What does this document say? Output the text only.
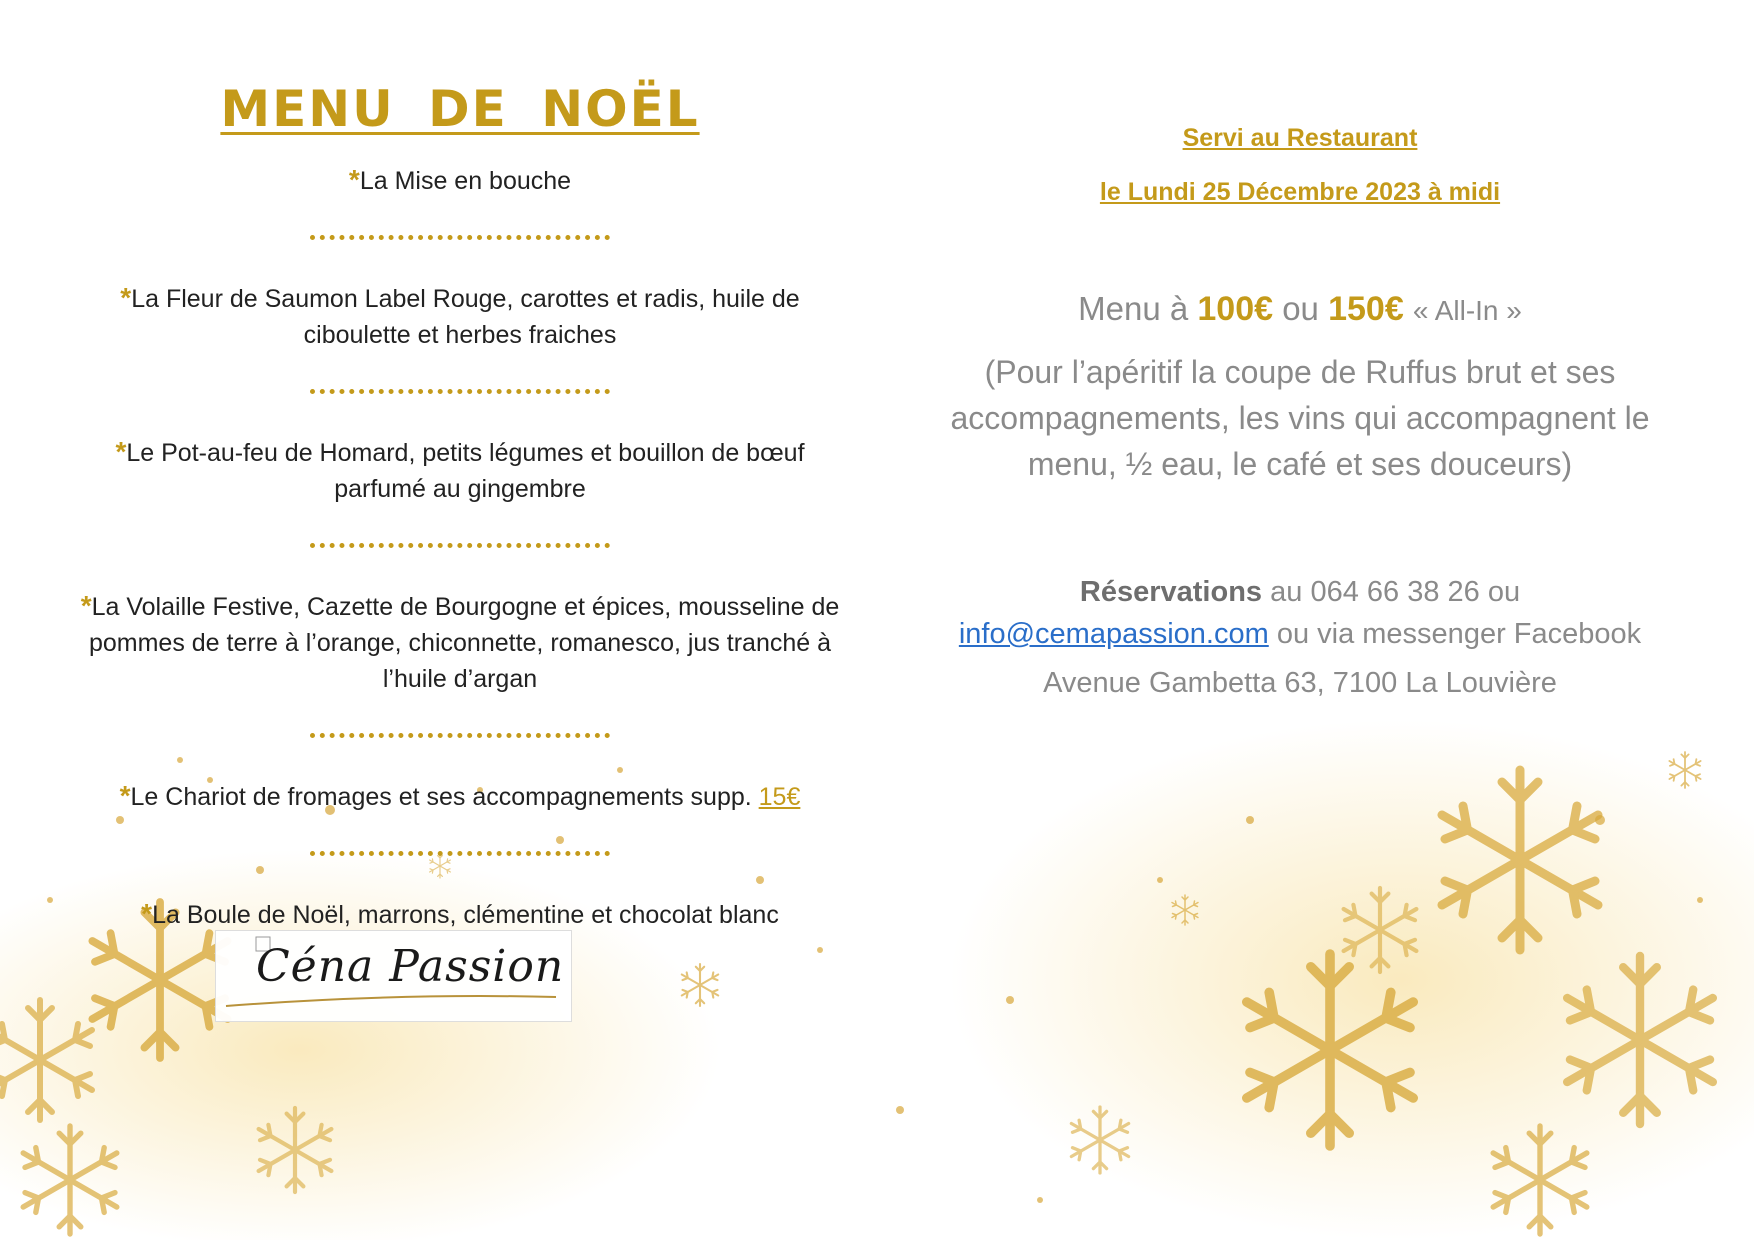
MENU DE NOËL
*La Mise en bouche
*La Fleur de Saumon Label Rouge, carottes et radis, huile de ciboulette et herbes fraiches
*Le Pot-au-feu de Homard, petits légumes et bouillon de bœuf parfumé au gingembre
*La Volaille Festive, Cazette de Bourgogne et épices, mousseline de pommes de terre à l’orange, chiconnette, romanesco, jus tranché à l’huile d’argan
*Le Chariot de fromages et ses accompagnements supp. 15€
*La Boule de Noël, marrons, clémentine et chocolat blanc
Céna Passion
Servi au Restaurant
le Lundi 25 Décembre 2023 à midi
Menu à 100€ ou 150€ « All-In »
(Pour l’apéritif la coupe de Ruffus brut et ses accompagnements, les vins qui accompagnent le menu, ½ eau, le café et ses douceurs)
Réservations au 064 66 38 26 ou
info@cemapassion.com ou via messenger Facebook
Avenue Gambetta 63, 7100 La Louvière
